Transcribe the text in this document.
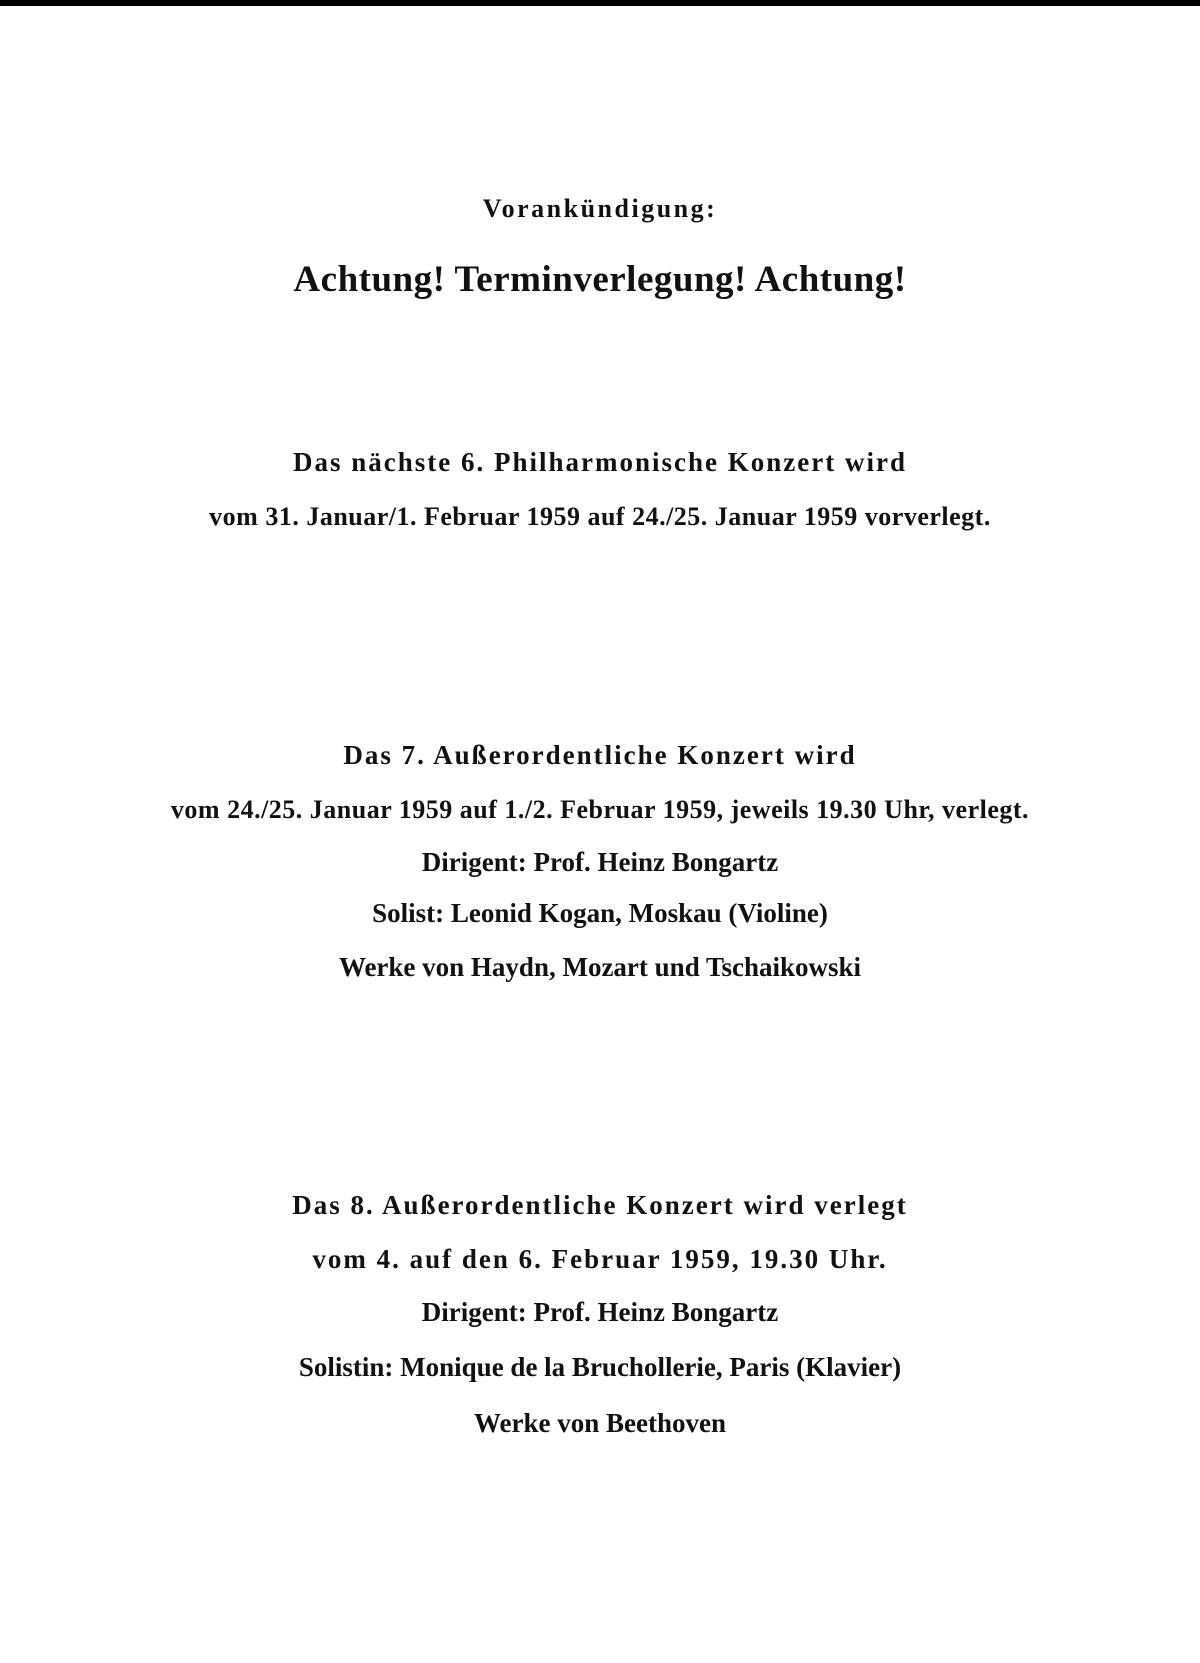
Vorankündigung:
Achtung! Terminverlegung! Achtung!
Das nächste 6. Philharmonische Konzert wird
vom 31. Januar/1. Februar 1959 auf 24./25. Januar 1959 vorverlegt.
Das 7. Außerordentliche Konzert wird
vom 24./25. Januar 1959 auf 1./2. Februar 1959, jeweils 19.30 Uhr, verlegt.
Dirigent: Prof. Heinz Bongartz
Solist: Leonid Kogan, Moskau (Violine)
Werke von Haydn, Mozart und Tschaikowski
Das 8. Außerordentliche Konzert wird verlegt
vom 4. auf den 6. Februar 1959, 19.30 Uhr.
Dirigent: Prof. Heinz Bongartz
Solistin: Monique de la Bruchollerie, Paris (Klavier)
Werke von Beethoven
